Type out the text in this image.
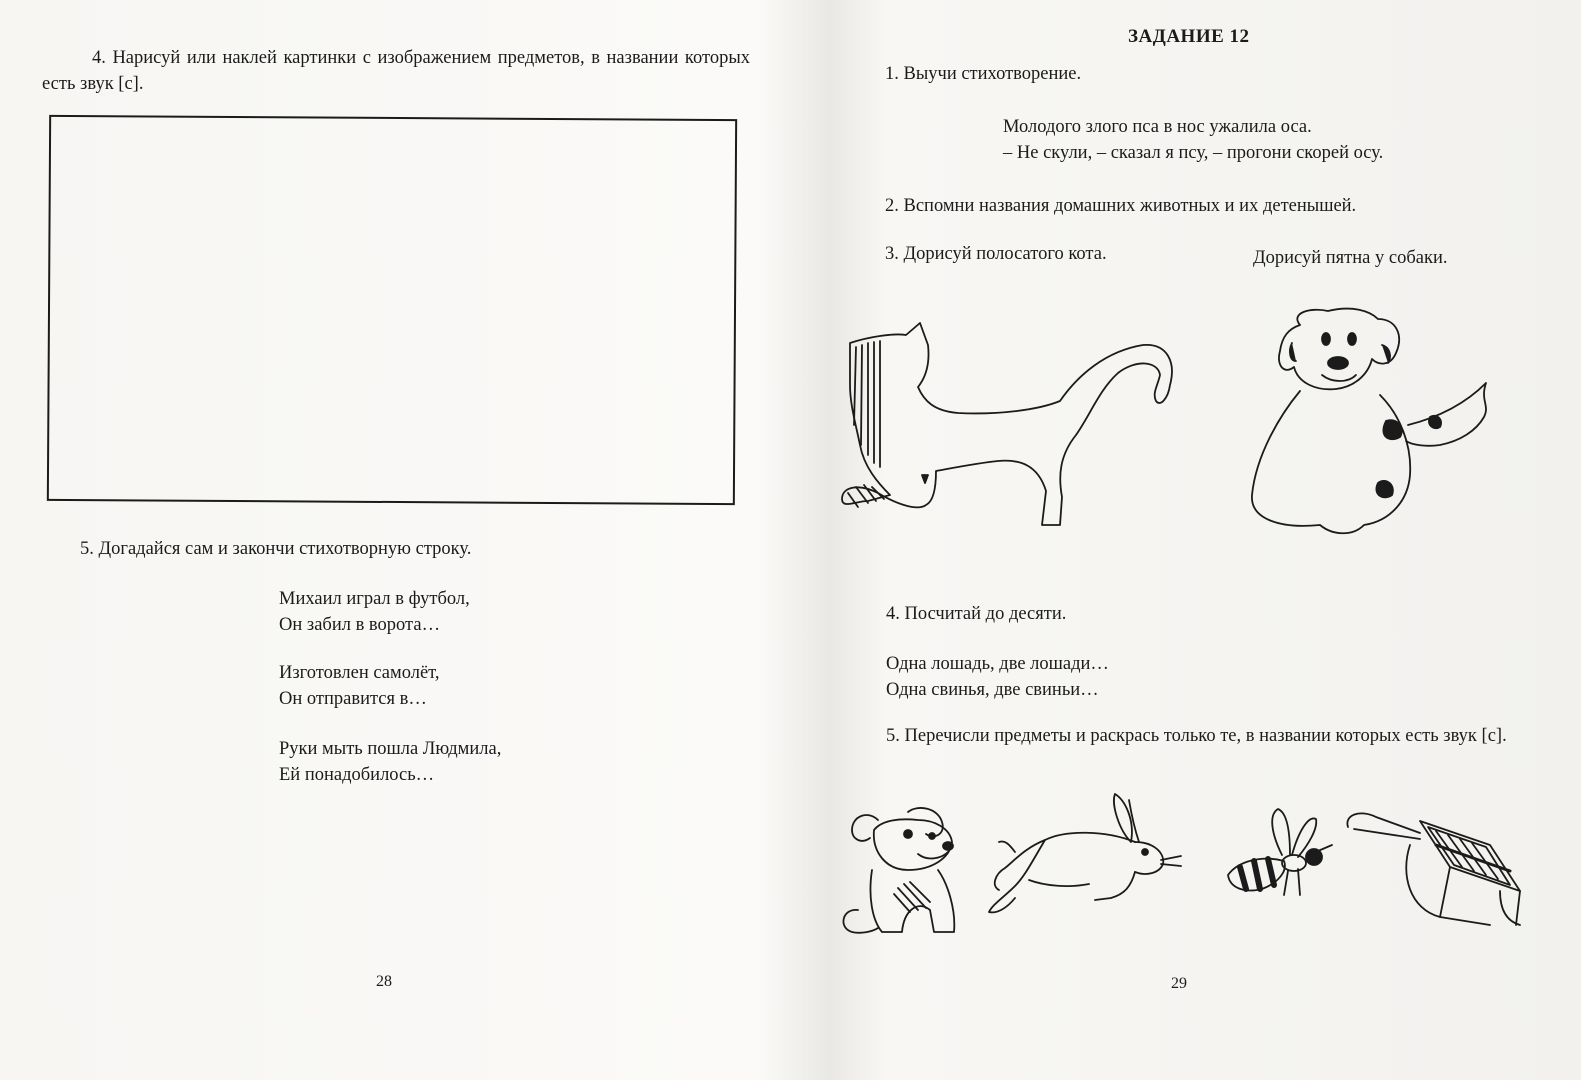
4. Нарисуй или наклей картинки с изображением предметов, в названии которых есть звук [с].

5. Догадайся сам и закончи стихотворную строку.

Михаил играл в футбол,
Он забил в ворота…
Изготовлен самолёт,
Он отправится в…
Руки мыть пошла Людмила,
Ей понадобилось…
28
ЗАДАНИЕ 12

1. Выучи стихотворение.

Молодого злого пса в нос ужалила оса.
– Не скули, – сказал я псу, – прогони скорей осу.

2. Вспомни названия домашних животных и их детенышей.

3. Дорисуй полосатого кота.	Дорисуй пятна у собаки.

4. Посчитай до десяти.

Одна лошадь, две лошади…
Одна свинья, две свиньи…

5. Перечисли предметы и раскрась только те, в названии которых есть звук [с].

29
